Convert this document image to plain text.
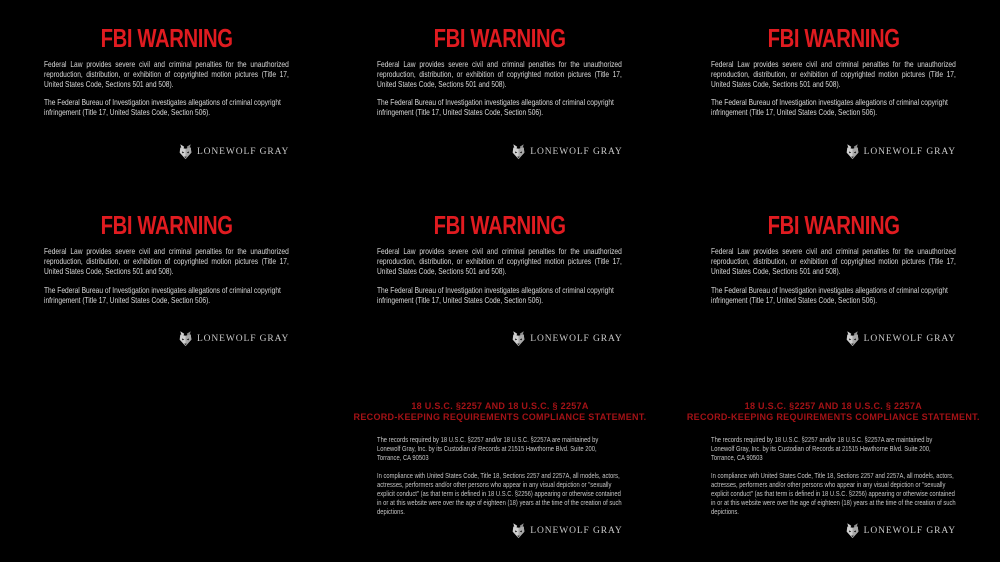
FBI WARNING

Federal Law provides severe civil and criminal penalties for the unauthorized reproduction, distribution, or exhibition of copyrighted motion pictures (Title 17, United States Code, Sections 501 and 508).

The Federal Bureau of Investigation investigates allegations of criminal copyright infringement (Title 17, United States Code, Section 506).

LONEWOLF GRAY
FBI WARNING

Federal Law provides severe civil and criminal penalties for the unauthorized reproduction, distribution, or exhibition of copyrighted motion pictures (Title 17, United States Code, Sections 501 and 508).

The Federal Bureau of Investigation investigates allegations of criminal copyright infringement (Title 17, United States Code, Section 506).

LONEWOLF GRAY
FBI WARNING

Federal Law provides severe civil and criminal penalties for the unauthorized reproduction, distribution, or exhibition of copyrighted motion pictures (Title 17, United States Code, Sections 501 and 508).

The Federal Bureau of Investigation investigates allegations of criminal copyright infringement (Title 17, United States Code, Section 506).

LONEWOLF GRAY
FBI WARNING

Federal Law provides severe civil and criminal penalties for the unauthorized reproduction, distribution, or exhibition of copyrighted motion pictures (Title 17, United States Code, Sections 501 and 508).

The Federal Bureau of Investigation investigates allegations of criminal copyright infringement (Title 17, United States Code, Section 506).

LONEWOLF GRAY
FBI WARNING

Federal Law provides severe civil and criminal penalties for the unauthorized reproduction, distribution, or exhibition of copyrighted motion pictures (Title 17, United States Code, Sections 501 and 508).

The Federal Bureau of Investigation investigates allegations of criminal copyright infringement (Title 17, United States Code, Section 506).

LONEWOLF GRAY
FBI WARNING

Federal Law provides severe civil and criminal penalties for the unauthorized reproduction, distribution, or exhibition of copyrighted motion pictures (Title 17, United States Code, Sections 501 and 508).

The Federal Bureau of Investigation investigates allegations of criminal copyright infringement (Title 17, United States Code, Section 506).

LONEWOLF GRAY
18 U.S.C. §2257 AND 18 U.S.C. § 2257A
RECORD-KEEPING REQUIREMENTS COMPLIANCE STATEMENT.

The records required by 18 U.S.C. §2257 and/or 18 U.S.C. §2257A are maintained by Lonewolf Gray, Inc. by its Custodian of Records at 21515 Hawthorne Blvd. Suite 200, Torrance, CA 90503

In compliance with United States Code, Title 18, Sections 2257 and 2257A, all models, actors, actresses, performers and/or other persons who appear in any visual depiction or "sexually explicit conduct" (as that term is defined in 18 U.S.C. §2256) appearing or otherwise contained in or at this website were over the age of eighteen (18) years at the time of the creation of such depictions.

LONEWOLF GRAY
18 U.S.C. §2257 AND 18 U.S.C. § 2257A
RECORD-KEEPING REQUIREMENTS COMPLIANCE STATEMENT.

The records required by 18 U.S.C. §2257 and/or 18 U.S.C. §2257A are maintained by Lonewolf Gray, Inc. by its Custodian of Records at 21515 Hawthorne Blvd. Suite 200, Torrance, CA 90503

In compliance with United States Code, Title 18, Sections 2257 and 2257A, all models, actors, actresses, performers and/or other persons who appear in any visual depiction or "sexually explicit conduct" (as that term is defined in 18 U.S.C. §2256) appearing or otherwise contained in or at this website were over the age of eighteen (18) years at the time of the creation of such depictions.

LONEWOLF GRAY
